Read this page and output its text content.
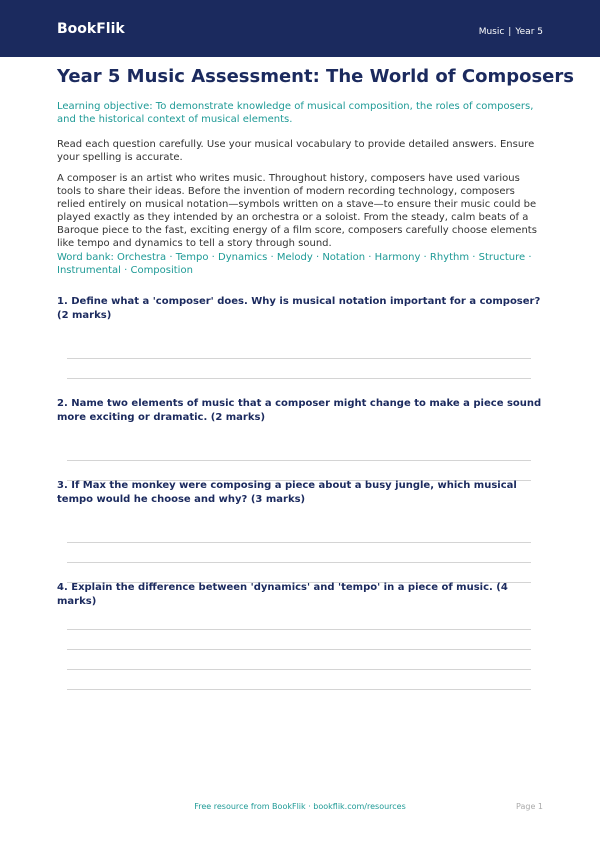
BookFlik	Music | Year 5
Year 5 Music Assessment: The World of Composers
Learning objective: To demonstrate knowledge of musical composition, the roles of composers, and the historical context of musical elements.
Read each question carefully. Use your musical vocabulary to provide detailed answers. Ensure your spelling is accurate.
A composer is an artist who writes music. Throughout history, composers have used various tools to share their ideas. Before the invention of modern recording technology, composers relied entirely on musical notation—symbols written on a stave—to ensure their music could be played exactly as they intended by an orchestra or a soloist. From the steady, calm beats of a Baroque piece to the fast, exciting energy of a film score, composers carefully choose elements like tempo and dynamics to tell a story through sound.
Word bank: Orchestra · Tempo · Dynamics · Melody · Notation · Harmony · Rhythm · Structure · Instrumental · Composition
1. Define what a 'composer' does. Why is musical notation important for a composer? (2 marks)
2. Name two elements of music that a composer might change to make a piece sound more exciting or dramatic. (2 marks)
3. If Max the monkey were composing a piece about a busy jungle, which musical tempo would he choose and why? (3 marks)
4. Explain the difference between 'dynamics' and 'tempo' in a piece of music. (4 marks)
Free resource from BookFlik · bookflik.com/resources	Page 1
